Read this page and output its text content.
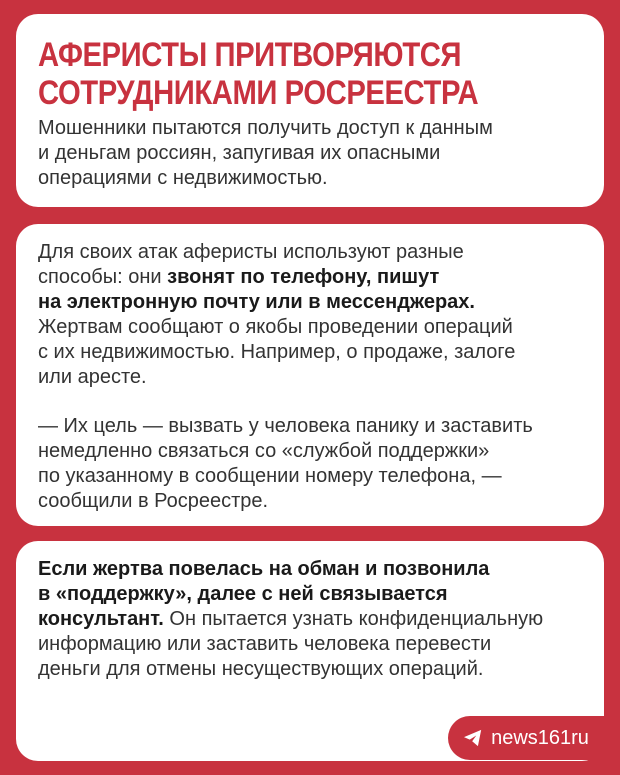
АФЕРИСТЫ ПРИТВОРЯЮТСЯ
СОТРУДНИКАМИ РОСРЕЕСТРА

Мошенники пытаются получить доступ к данным
и деньгам россиян, запугивая их опасными
операциями с недвижимостью.

Для своих атак аферисты используют разные
способы: они звонят по телефону, пишут
на электронную почту или в мессенджерах.
Жертвам сообщают о якобы проведении операций
с их недвижимостью. Например, о продаже, залоге
или аресте.

— Их цель — вызвать у человека панику и заставить
немедленно связаться со «службой поддержки»
по указанному в сообщении номеру телефона, —
сообщили в Росреестре.

Если жертва повелась на обман и позвонила
в «поддержку», далее с ней связывается
консультант. Он пытается узнать конфиденциальную
информацию или заставить человека перевести
деньги для отмены несуществующих операций.

news161ru
